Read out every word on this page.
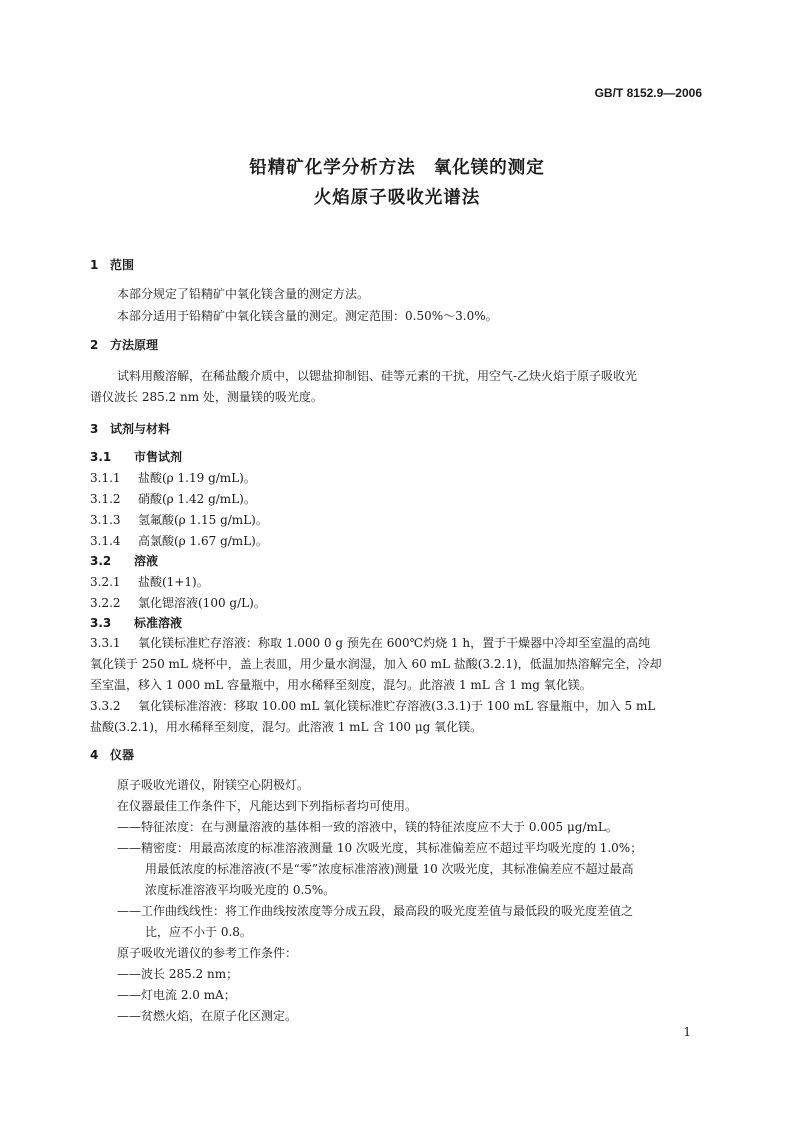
GB/T 8152.9—2006
铅精矿化学分析方法 氧化镁的测定
火焰原子吸收光谱法
1 范围
本部分规定了铅精矿中氧化镁含量的测定方法。
本部分适用于铅精矿中氧化镁含量的测定。测定范围：0.50%～3.0%。
2 方法原理
试料用酸溶解，在稀盐酸介质中，以锶盐抑制铝、硅等元素的干扰，用空气-乙炔火焰于原子吸收光
谱仪波长 285.2 nm 处，测量镁的吸光度。
3 试剂与材料
3.1 市售试剂
3.1.1 盐酸(ρ 1.19 g/mL)。
3.1.2 硝酸(ρ 1.42 g/mL)。
3.1.3 氢氟酸(ρ 1.15 g/mL)。
3.1.4 高氯酸(ρ 1.67 g/mL)。
3.2 溶液
3.2.1 盐酸(1+1)。
3.2.2 氯化锶溶液(100 g/L)。
3.3 标准溶液
3.3.1 氧化镁标准贮存溶液：称取 1.000 0 g 预先在 600℃灼烧 1 h，置于干燥器中冷却至室温的高纯
氧化镁于 250 mL 烧杯中，盖上表皿，用少量水润湿，加入 60 mL 盐酸(3.2.1)，低温加热溶解完全，冷却
至室温，移入 1 000 mL 容量瓶中，用水稀释至刻度，混匀。此溶液 1 mL 含 1 mg 氧化镁。
3.3.2 氧化镁标准溶液：移取 10.00 mL 氧化镁标准贮存溶液(3.3.1)于 100 mL 容量瓶中，加入 5 mL
盐酸(3.2.1)，用水稀释至刻度，混匀。此溶液 1 mL 含 100 μg 氧化镁。
4 仪器
原子吸收光谱仪，附镁空心阴极灯。
在仪器最佳工作条件下，凡能达到下列指标者均可使用。
——特征浓度：在与测量溶液的基体相一致的溶液中，镁的特征浓度应不大于 0.005 μg/mL。
——精密度：用最高浓度的标准溶液测量 10 次吸光度，其标准偏差应不超过平均吸光度的 1.0%；
用最低浓度的标准溶液(不是“零”浓度标准溶液)测量 10 次吸光度，其标准偏差应不超过最高
浓度标准溶液平均吸光度的 0.5%。
——工作曲线线性：将工作曲线按浓度等分成五段，最高段的吸光度差值与最低段的吸光度差值之
比，应不小于 0.8。
原子吸收光谱仪的参考工作条件：
——波长 285.2 nm；
——灯电流 2.0 mA；
——贫燃火焰，在原子化区测定。
1
